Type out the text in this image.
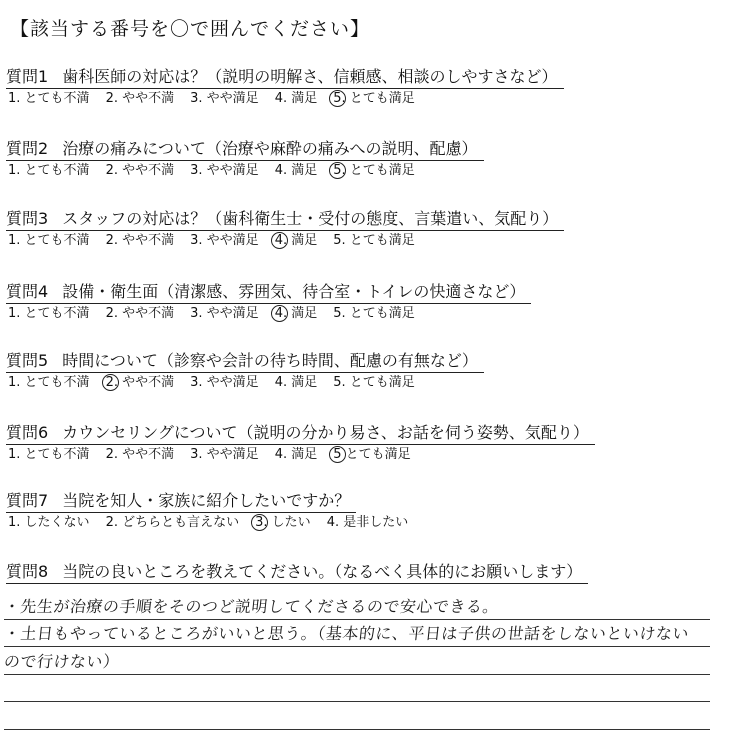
【該当する番号を〇で囲んでください】
質問1 歯科医師の対応は？（説明の明解さ、信頼感、相談のしやすさなど）
1. とても不満 2. やや不満 3. やや満足 4. 満足 5. とても満足
質問2 治療の痛みについて（治療や麻酔の痛みへの説明、配慮）
1. とても不満 2. やや不満 3. やや満足 4. 満足 5. とても満足
質問3 スタッフの対応は？（歯科衛生士・受付の態度、言葉遣い、気配り）
1. とても不満 2. やや不満 3. やや満足 4. 満足 5. とても満足
質問4 設備・衛生面（清潔感、雰囲気、待合室・トイレの快適さなど）
1. とても不満 2. やや不満 3. やや満足 4. 満足 5. とても満足
質問5 時間について（診察や会計の待ち時間、配慮の有無など）
1. とても不満 2. やや不満 3. やや満足 4. 満足 5. とても満足
質問6 カウンセリングについて（説明の分かり易さ、お話を伺う姿勢、気配り）
1. とても不満 2. やや不満 3. やや満足 4. 満足 5 とても満足
質問7 当院を知人・家族に紹介したいですか？
1. したくない 2. どちらとも言えない 3. したい 4. 是非したい
質問8 当院の良いところを教えてください。（なるべく具体的にお願いします）
・先生が治療の手順をそのつど説明してくださるので安心できる。
・土日もやっているところがいいと思う。（基本的に、平日は子供の世話をしないといけない
ので行けない）
